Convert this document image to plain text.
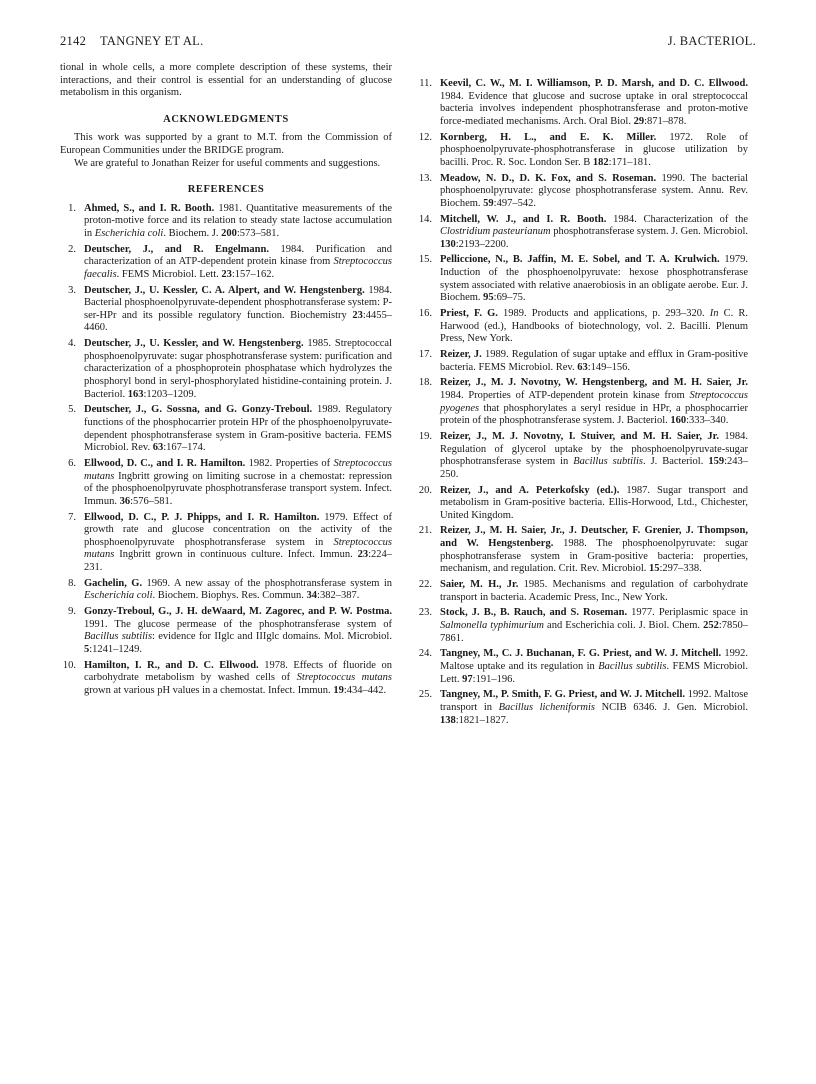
2142 TANGNEY ET AL.	J. BACTERIOL.

tional in whole cells, a more complete description of these systems, their interactions, and their control is essential for an understanding of glucose metabolism in this organism.

ACKNOWLEDGMENTS

This work was supported by a grant to M.T. from the Commission of European Communities under the BRIDGE program.

We are grateful to Jonathan Reizer for useful comments and suggestions.

REFERENCES
1. Ahmed, S., and I. R. Booth. 1981. Quantitative measurements of the proton-motive force and its relation to steady state lactose accumulation in Escherichia coli. Biochem. J. 200:573–581.
2. Deutscher, J., and R. Engelmann. 1984. Purification and characterization of an ATP-dependent protein kinase from Streptococcus faecalis. FEMS Microbiol. Lett. 23:157–162.
3. Deutscher, J., U. Kessler, C. A. Alpert, and W. Hengstenberg. 1984. Bacterial phosphoenolpyruvate-dependent phosphotransferase system: P-ser-HPr and its possible regulatory function. Biochemistry 23:4455–4460.
4. Deutscher, J., U. Kessler, and W. Hengstenberg. 1985. Streptococcal phosphoenolpyruvate: sugar phosphotransferase system: purification and characterization of a phosphoprotein phosphatase which hydrolyzes the phosphoryl bond in seryl-phosphorylated histidine-containing protein. J. Bacteriol. 163:1203–1209.
5. Deutscher, J., G. Sossna, and G. Gonzy-Treboul. 1989. Regulatory functions of the phosphocarrier protein HPr of the phosphoenolpyruvate-dependent phosphotransferase system in Gram-positive bacteria. FEMS Microbiol. Rev. 63:167–174.
6. Ellwood, D. C., and I. R. Hamilton. 1982. Properties of Streptococcus mutans Ingbritt growing on limiting sucrose in a chemostat: repression of the phosphoenolpyruvate phosphotransferase transport system. Infect. Immun. 36:576–581.
7. Ellwood, D. C., P. J. Phipps, and I. R. Hamilton. 1979. Effect of growth rate and glucose concentration on the activity of the phosphoenolpyruvate phosphotransferase system in Streptococcus mutans Ingbritt grown in continuous culture. Infect. Immun. 23:224–231.
8. Gachelin, G. 1969. A new assay of the phosphotransferase system in Escherichia coli. Biochem. Biophys. Res. Commun. 34:382–387.
9. Gonzy-Treboul, G., J. H. deWaard, M. Zagorec, and P. W. Postma. 1991. The glucose permease of the phosphotransferase system of Bacillus subtilis: evidence for IIglc and IIIglc domains. Mol. Microbiol. 5:1241–1249.
10. Hamilton, I. R., and D. C. Ellwood. 1978. Effects of fluoride on carbohydrate metabolism by washed cells of Streptococcus mutans grown at various pH values in a chemostat. Infect. Immun. 19:434–442.
11. Keevil, C. W., M. I. Williamson, P. D. Marsh, and D. C. Ellwood. 1984. Evidence that glucose and sucrose uptake in oral streptococcal bacteria involves independent phosphotransferase and proton-motive force-mediated mechanisms. Arch. Oral Biol. 29:871–878.
12. Kornberg, H. L., and E. K. Miller. 1972. Role of phosphoenolpyruvate-phosphotransferase in glucose utilization by bacilli. Proc. R. Soc. London Ser. B 182:171–181.
13. Meadow, N. D., D. K. Fox, and S. Roseman. 1990. The bacterial phosphoenolpyruvate: glycose phosphotransferase system. Annu. Rev. Biochem. 59:497–542.
14. Mitchell, W. J., and I. R. Booth. 1984. Characterization of the Clostridium pasteurianum phosphotransferase system. J. Gen. Microbiol. 130:2193–2200.
15. Pelliccione, N., B. Jaffin, M. E. Sobel, and T. A. Krulwich. 1979. Induction of the phosphoenolpyruvate: hexose phosphotransferase system associated with relative anaerobiosis in an obligate aerobe. Eur. J. Biochem. 95:69–75.
16. Priest, F. G. 1989. Products and applications, p. 293–320. In C. R. Harwood (ed.), Handbooks of biotechnology, vol. 2. Bacilli. Plenum Press, New York.
17. Reizer, J. 1989. Regulation of sugar uptake and efflux in Gram-positive bacteria. FEMS Microbiol. Rev. 63:149–156.
18. Reizer, J., M. J. Novotny, W. Hengstenberg, and M. H. Saier, Jr. 1984. Properties of ATP-dependent protein kinase from Streptococcus pyogenes that phosphorylates a seryl residue in HPr, a phosphocarrier protein of the phosphotransferase system. J. Bacteriol. 160:333–340.
19. Reizer, J., M. J. Novotny, I. Stuiver, and M. H. Saier, Jr. 1984. Regulation of glycerol uptake by the phosphoenolpyruvate-sugar phosphotransferase system in Bacillus subtilis. J. Bacteriol. 159:243–250.
20. Reizer, J., and A. Peterkofsky (ed.). 1987. Sugar transport and metabolism in Gram-positive bacteria. Ellis-Horwood, Ltd., Chichester, United Kingdom.
21. Reizer, J., M. H. Saier, Jr., J. Deutscher, F. Grenier, J. Thompson, and W. Hengstenberg. 1988. The phosphoenolpyruvate: sugar phosphotransferase system in Gram-positive bacteria: properties, mechanism, and regulation. Crit. Rev. Microbiol. 15:297–338.
22. Saier, M. H., Jr. 1985. Mechanisms and regulation of carbohydrate transport in bacteria. Academic Press, Inc., New York.
23. Stock, J. B., B. Rauch, and S. Roseman. 1977. Periplasmic space in Salmonella typhimurium and Escherichia coli. J. Biol. Chem. 252:7850–7861.
24. Tangney, M., C. J. Buchanan, F. G. Priest, and W. J. Mitchell. 1992. Maltose uptake and its regulation in Bacillus subtilis. FEMS Microbiol. Lett. 97:191–196.
25. Tangney, M., P. Smith, F. G. Priest, and W. J. Mitchell. 1992. Maltose transport in Bacillus licheniformis NCIB 6346. J. Gen. Microbiol. 138:1821–1827.
